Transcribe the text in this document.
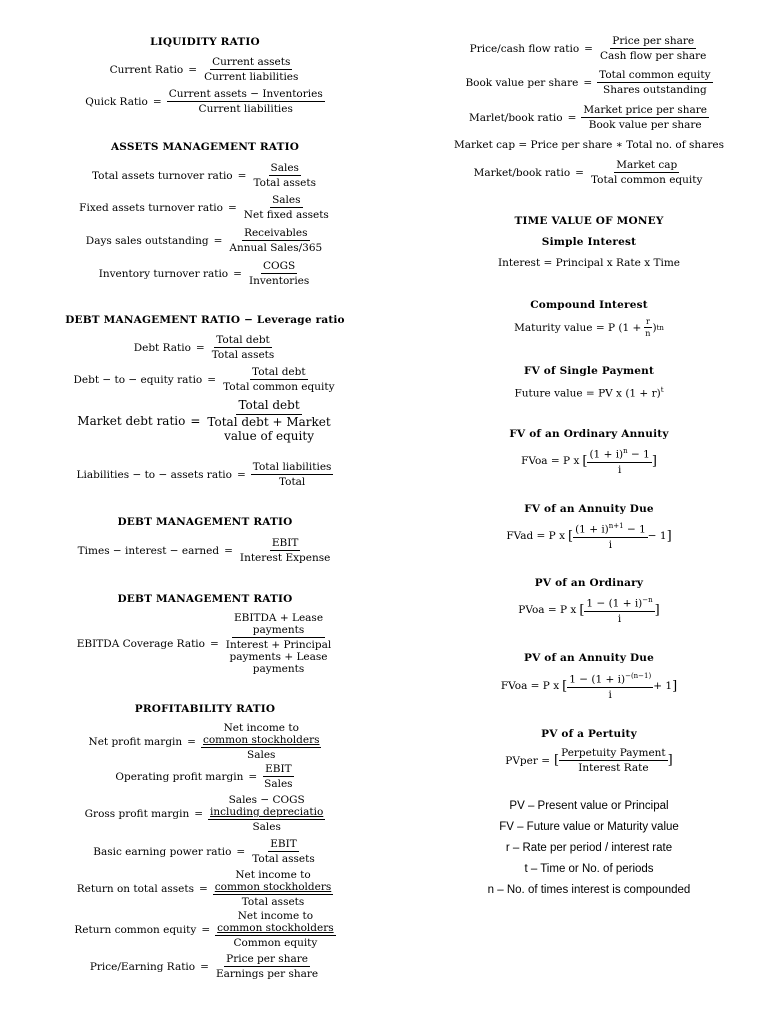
LIQUIDITY RATIO
Current Ratio = $\frac{\text{Current assets}}{\text{Current liabilities}}$
Quick Ratio = $\frac{\text{Current assets − Inventories}}{\text{Current liabilities}}$
ASSETS MANAGEMENT RATIO
Total assets turnover ratio = $\frac{\text{Sales}}{\text{Total assets}}$
Fixed assets turnover ratio = $\frac{\text{Sales}}{\text{Net fixed assets}}$
Days sales outstanding = $\frac{\text{Receivables}}{\text{Annual Sales/365}}$
Inventory turnover ratio = $\frac{\text{COGS}}{\text{Inventories}}$
DEBT MANAGEMENT RATIO − Leverage ratio
Debt Ratio = $\frac{\text{Total debt}}{\text{Total assets}}$
Debt − to − equity ratio = $\frac{\text{Total debt}}{\text{Total common equity}}$
Market debt ratio = Total debt
Total debt + Market
value of equity
Liabilities − to − assets ratio = $\frac{\text{Total liabilities}}{\text{Total}}$
DEBT MANAGEMENT RATIO
Times − interest − earned = $\frac{\text{EBIT}}{\text{Interest Expense}}$
DEBT MANAGEMENT RATIO
EBITDA Coverage Ratio =
EBITDA + Lease
payments
Interest + Principal
payments + Lease
payments
PROFITABILITY RATIO
Net profit margin = Net income to
common stockholders
Sales
Operating profit margin = $\frac{\text{EBIT}}{\text{Sales}}$
Gross profit margin = Sales − COGS
including depreciatio
Sales
Basic earning power ratio = $\frac{\text{EBIT}}{\text{Total assets}}$
Return on total assets = Net income to
common stockholders
Total assets
Return common equity = Net income to
common stockholders
Common equity
Price/Earning Ratio = $\frac{\text{Price per share}}{\text{Earnings per share}}$
Price/cash flow ratio = $\frac{\text{Price per share}}{\text{Cash flow per share}}$
Book value per share = $\frac{\text{Total common equity}}{\text{Shares outstanding}}$
Marlet/book ratio = $\frac{\text{Market price per share}}{\text{Book value per share}}$
Market cap = Price per share ∗ Total no. of shares
Market/book ratio = $\frac{\text{Market cap}}{\text{Total common equity}}$
TIME VALUE OF MONEY
Simple Interest
Interest = Principal x Rate x Time
Compound Interest
Maturity value = P ($1 + \frac{r}{n}$ ) tn
FV of Single Payment
Future value = PV x $(1 + r)^t$
FV of an Ordinary Annuity
FVoa = P x [ $\frac{(1 + i)^n - 1}{i}$ ]
FV of an Annuity Due
FVad = P x [ $\frac{(1 + i)^{n+1} - 1}{i} - 1$ ]
PV of an Ordinary
PVoa = P x [ $\frac{1 - (1 + i)^{-n}}{i}$ ]
PV of an Annuity Due
FVoa = P x [ $\frac{1 - (1 + i)^{-(n-1)}}{i} + 1$ ]
PV of a Pertuity
PVper = [ $\frac{\text{Perpetuity Payment}}{\text{Interest Rate}}$ ]
PV – Present value or Principal
FV – Future value or Maturity value
r – Rate per period / interest rate
t – Time or No. of periods
n – No. of times interest is compounded
